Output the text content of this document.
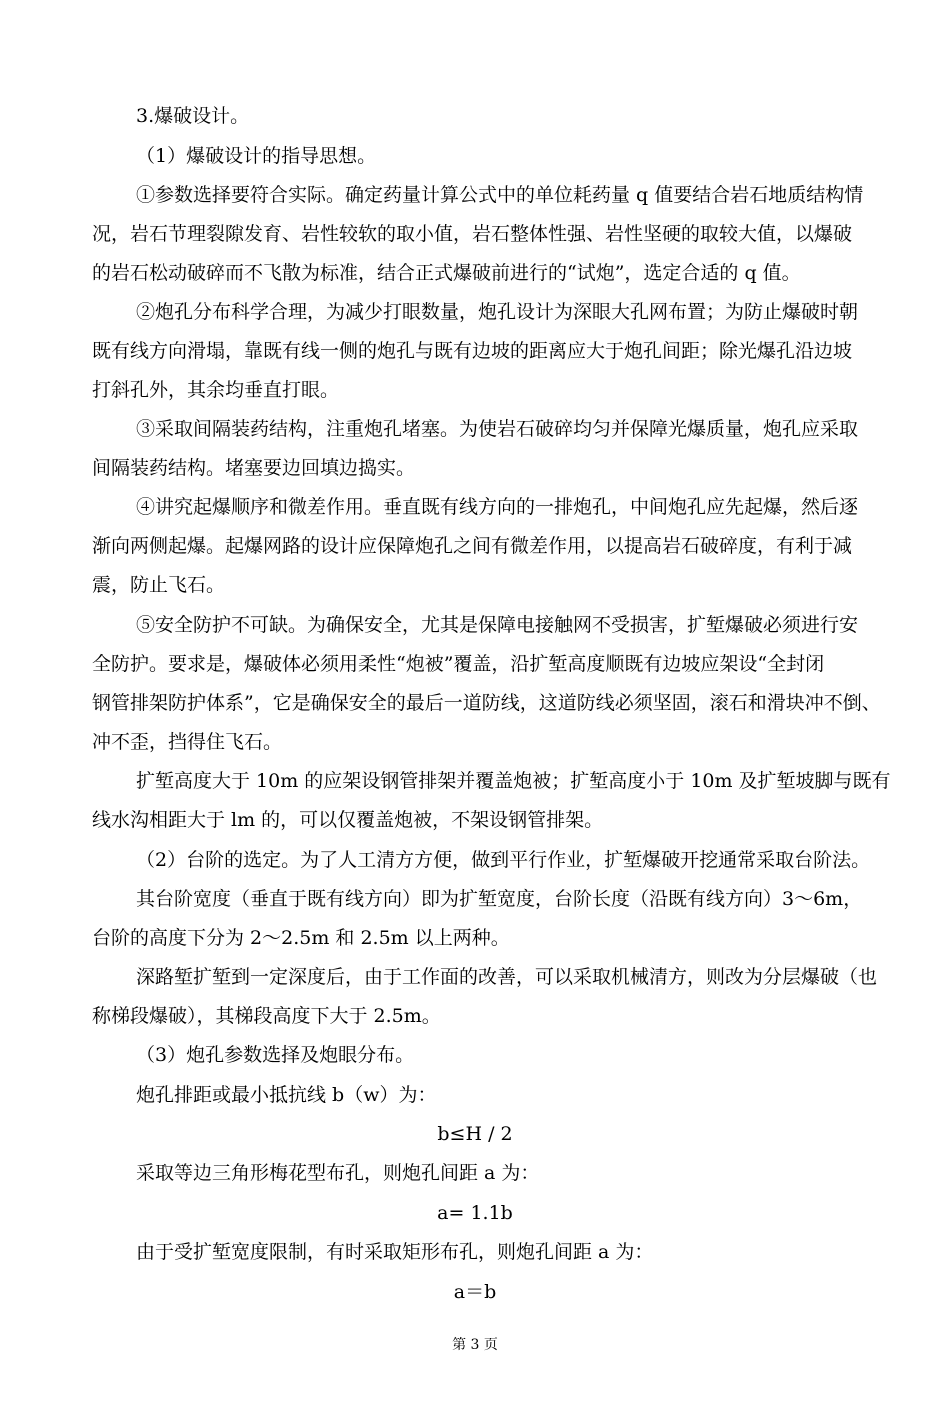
3.爆破设计。
（1）爆破设计的指导思想。
①参数选择要符合实际。确定药量计算公式中的单位耗药量 q 值要结合岩石地质结构情
况，岩石节理裂隙发育、岩性较软的取小值，岩石整体性强、岩性坚硬的取较大值，以爆破
的岩石松动破碎而不飞散为标准，结合正式爆破前进行的“试炮”，选定合适的 q 值。
②炮孔分布科学合理，为减少打眼数量，炮孔设计为深眼大孔网布置；为防止爆破时朝
既有线方向滑塌，靠既有线一侧的炮孔与既有边坡的距离应大于炮孔间距；除光爆孔沿边坡
打斜孔外，其余均垂直打眼。
③采取间隔装药结构，注重炮孔堵塞。为使岩石破碎均匀并保障光爆质量，炮孔应采取
间隔装药结构。堵塞要边回填边捣实。
④讲究起爆顺序和微差作用。垂直既有线方向的一排炮孔，中间炮孔应先起爆，然后逐
渐向两侧起爆。起爆网路的设计应保障炮孔之间有微差作用，以提高岩石破碎度，有利于减
震，防止飞石。
⑤安全防护不可缺。为确保安全，尤其是保障电接触网不受损害，扩堑爆破必须进行安
全防护。要求是，爆破体必须用柔性“炮被”覆盖，沿扩堑高度顺既有边坡应架设“全封闭
钢管排架防护体系”，它是确保安全的最后一道防线，这道防线必须坚固，滚石和滑块冲不倒、
冲不歪，挡得住飞石。
扩堑高度大于 10m 的应架设钢管排架并覆盖炮被；扩堑高度小于 10m 及扩堑坡脚与既有
线水沟相距大于 lm 的，可以仅覆盖炮被，不架设钢管排架。
（2）台阶的选定。为了人工清方方便，做到平行作业，扩堑爆破开挖通常采取台阶法。
其台阶宽度（垂直于既有线方向）即为扩堑宽度，台阶长度（沿既有线方向）3～6m，
台阶的高度下分为 2～2.5m 和 2.5m 以上两种。
深路堑扩堑到一定深度后，由于工作面的改善，可以采取机械清方，则改为分层爆破（也
称梯段爆破），其梯段高度下大于 2.5m。
（3）炮孔参数选择及炮眼分布。
炮孔排距或最小抵抗线 b（w）为：
b≤H / 2
采取等边三角形梅花型布孔，则炮孔间距 a 为：
a= 1.1b
由于受扩堑宽度限制，有时采取矩形布孔，则炮孔间距 a 为：
a＝b
第 3 页
